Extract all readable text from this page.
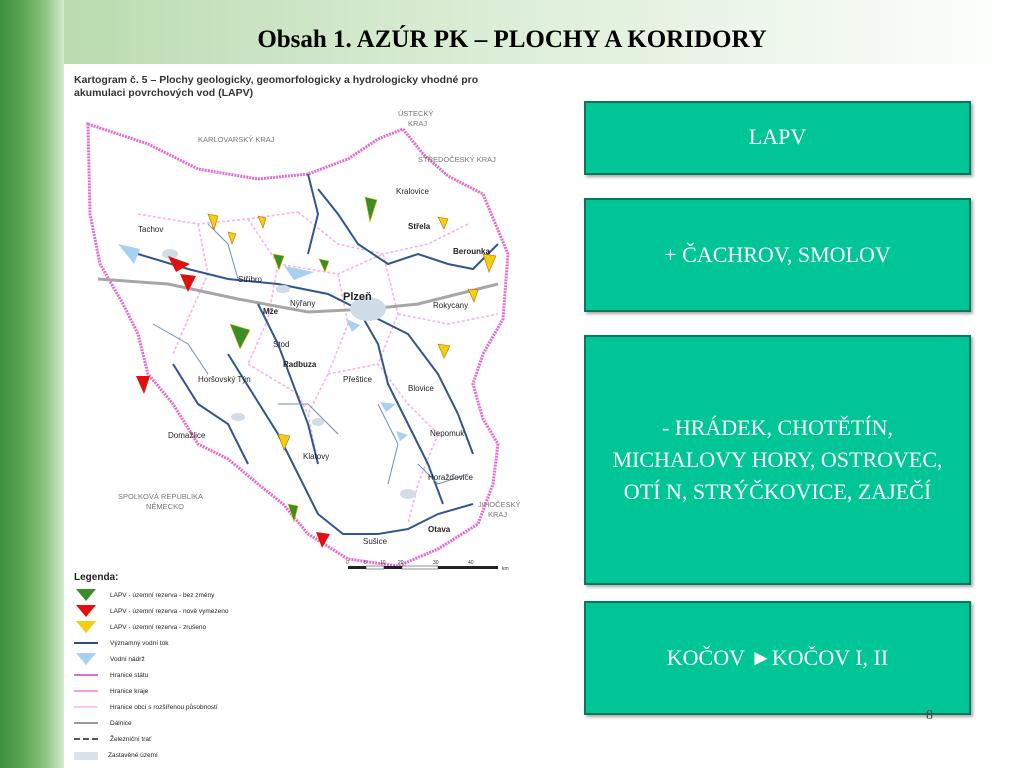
Obsah 1. AZÚR PK – PLOCHY A KORIDORY
Kartogram č. 5 – Plochy geologicky, geomorfologicky a hydrologicky vhodné pro akumulaci povrchových vod (LAPV)
KARLOVARSKÝ KRAJ
STŘEDOČESKÝ KRAJ
ÚSTECKÝ
KRAJ
SPOLKOVÁ REPUBLIKA
NĚMECKO	JIHOČESKÝ
KRAJ
Tachov
Stříbro
Plzeň
Nýřany
Stod
Rokycany
Kralovice
Horšovský Týn
Domažlice
Přeštice
Blovice
Klatovy
Nepomuk
Horažďovice
Sušice
Radbuza
Mže
Střela
Berounka
Otava
0	5	10 20	30	40
km
Legenda:
LAPV - územní rezerva - bez změny
LAPV - územní rezerva - nově vymezeno
LAPV - územní rezerva - zrušeno
Významný vodní tok
Vodní nádrž
Hranice státu
Hranice kraje
Hranice obcí s rozšířenou působností
Dálnice
Železniční trať
Zastavěné území
LAPV
+ ČACHROV, SMOLOV
- HRÁDEK, CHOTĚTÍN, MICHALOVY HORY, OSTROVEC, OTÍ N, STRÝČKOVICE, ZAJEČÍ
KOČOV ►KOČOV I, II
8
